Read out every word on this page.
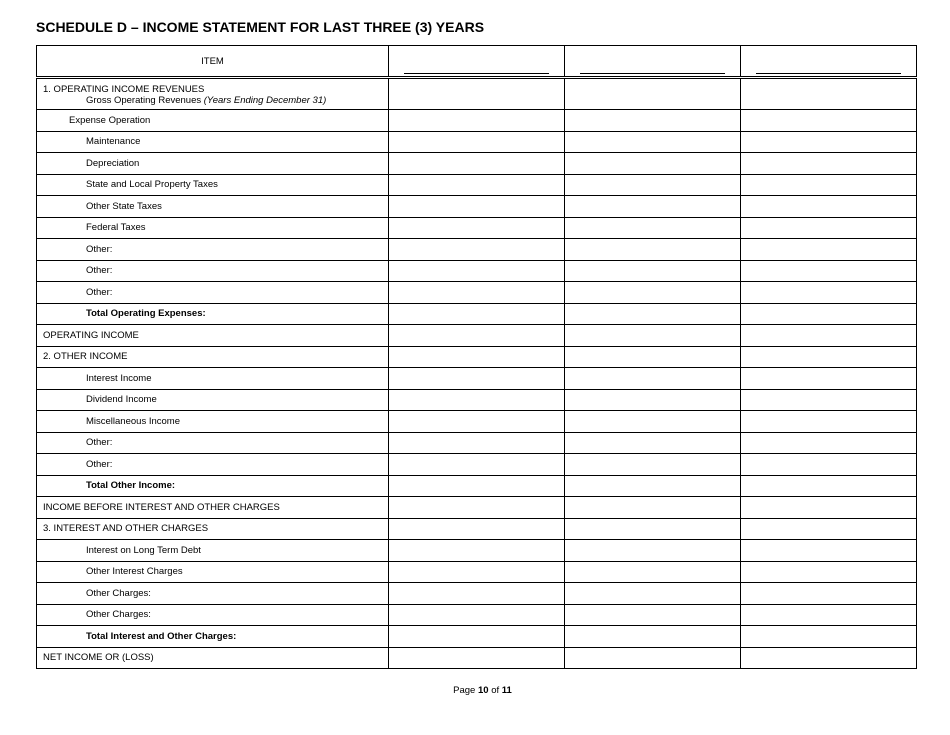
SCHEDULE D – INCOME STATEMENT FOR LAST THREE (3) YEARS
ITEM	

1. OPERATING INCOME REVENUES
Gross Operating Revenues (Years Ending December 31)			

Expense Operation			

Maintenance			

Depreciation			

State and Local Property Taxes			

Other State Taxes			

Federal Taxes			

Other:			

Other:			

Other:			

Total Operating Expenses:			

OPERATING INCOME			

2. OTHER INCOME			

Interest Income			

Dividend Income			

Miscellaneous Income			

Other:			

Other:			

Total Other Income:			

INCOME BEFORE INTEREST AND OTHER CHARGES			

3. INTEREST AND OTHER CHARGES			

Interest on Long Term Debt			

Other Interest Charges			

Other Charges:			

Other Charges:			

Total Interest and Other Charges:			

NET INCOME OR (LOSS)			

Page 10 of 11
